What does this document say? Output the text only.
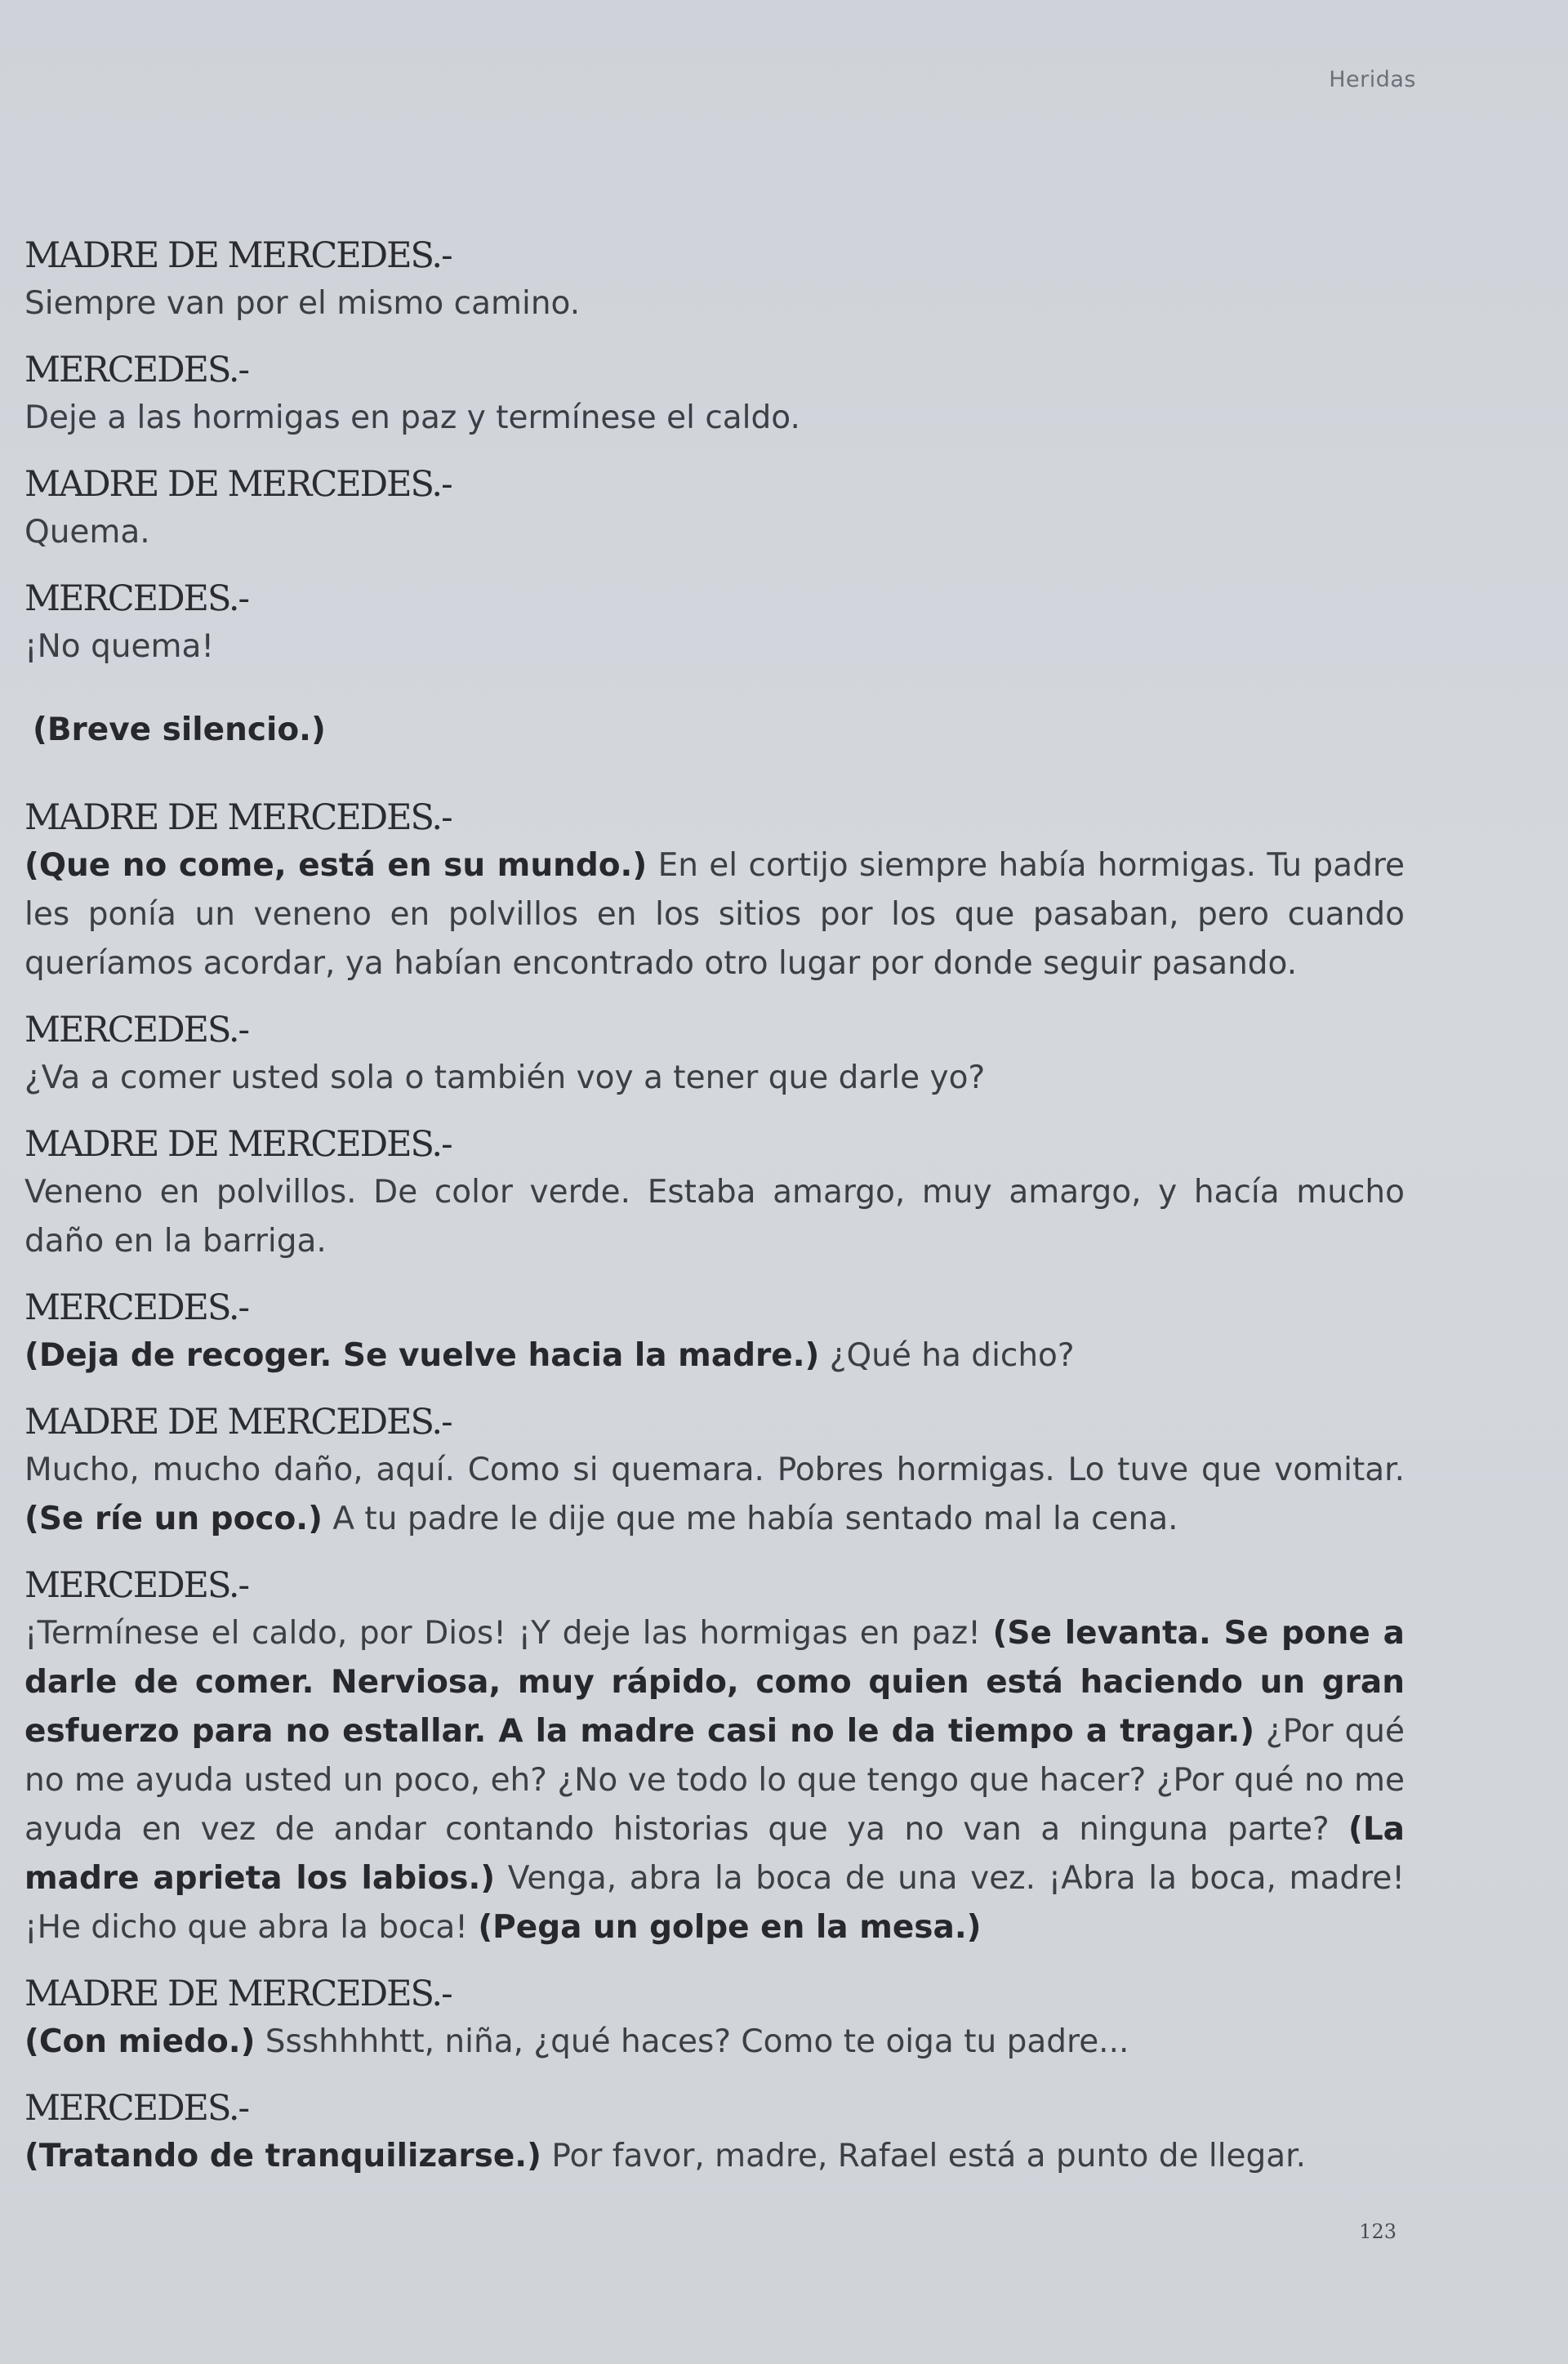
Heridas

MADRE DE MERCEDES.-

Siempre van por el mismo camino.

MERCEDES.-

Deje a las hormigas en paz y termínese el caldo.

MADRE DE MERCEDES.-

Quema.

MERCEDES.-

¡No quema!

(Breve silencio.)

MADRE DE MERCEDES.-

(Que no come, está en su mundo.) En el cortijo siempre había hormigas. Tu padre les ponía un veneno en polvillos en los sitios por los que pasaban, pero cuando queríamos acordar, ya habían encontrado otro lugar por donde seguir pasando.

MERCEDES.-

¿Va a comer usted sola o también voy a tener que darle yo?

MADRE DE MERCEDES.-

Veneno en polvillos. De color verde. Estaba amargo, muy amargo, y hacía mucho daño en la barriga.

MERCEDES.-

(Deja de recoger. Se vuelve hacia la madre.) ¿Qué ha dicho?

MADRE DE MERCEDES.-

Mucho, mucho daño, aquí. Como si quemara. Pobres hormigas. Lo tuve que vomitar. (Se ríe un poco.) A tu padre le dije que me había sentado mal la cena.

MERCEDES.-

¡Termínese el caldo, por Dios! ¡Y deje las hormigas en paz! (Se levanta. Se pone a darle de comer. Nerviosa, muy rápido, como quien está haciendo un gran esfuerzo para no estallar. A la madre casi no le da tiempo a tragar.) ¿Por qué no me ayuda usted un poco, eh? ¿No ve todo lo que tengo que hacer? ¿Por qué no me ayuda en vez de andar contando historias que ya no van a ninguna parte? (La madre aprieta los labios.) Venga, abra la boca de una vez. ¡Abra la boca, madre! ¡He dicho que abra la boca! (Pega un golpe en la mesa.)

MADRE DE MERCEDES.-

(Con miedo.) Ssshhhhtt, niña, ¿qué haces? Como te oiga tu padre...

MERCEDES.-

(Tratando de tranquilizarse.) Por favor, madre, Rafael está a punto de llegar.

123
